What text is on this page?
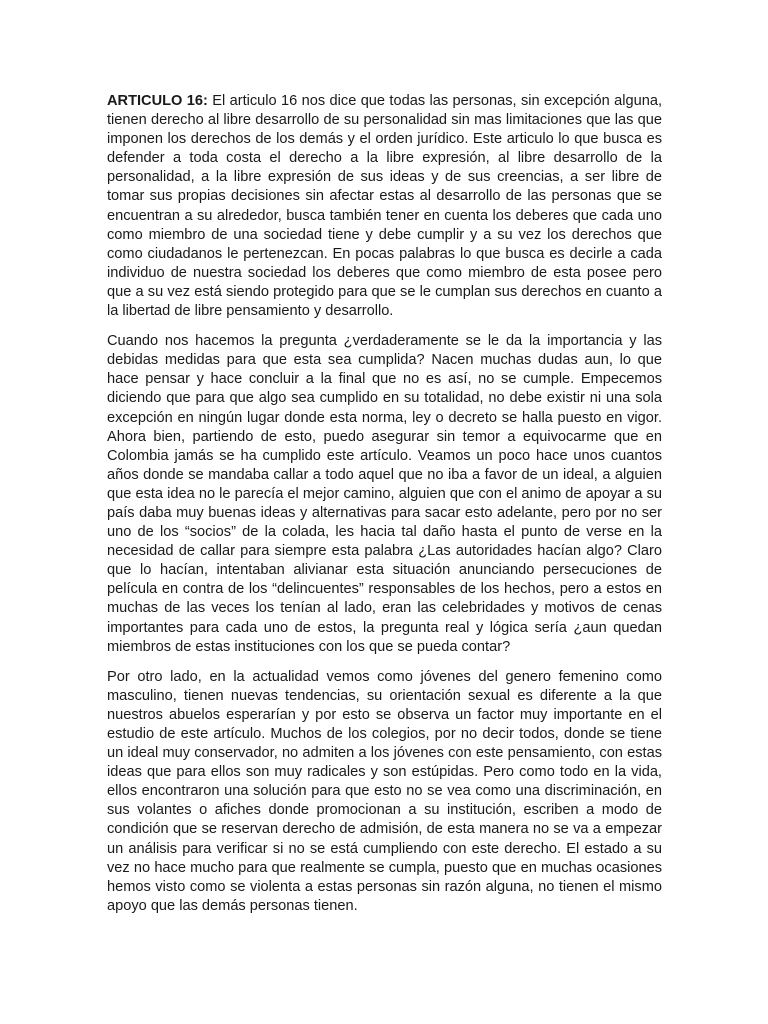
ARTICULO 16: El articulo 16 nos dice que todas las personas, sin excepción alguna, tienen derecho al libre desarrollo de su personalidad sin mas limitaciones que las que imponen los derechos de los demás y el orden jurídico. Este articulo lo que busca es defender a toda costa el derecho a la libre expresión, al libre desarrollo de la personalidad, a la libre expresión de sus ideas y de sus creencias, a ser libre de tomar sus propias decisiones sin afectar estas al desarrollo de las personas que se encuentran a su alrededor, busca también tener en cuenta los deberes que cada uno como miembro de una sociedad tiene y debe cumplir y a su vez los derechos que como ciudadanos le pertenezcan. En pocas palabras lo que busca es decirle a cada individuo de nuestra sociedad los deberes que como miembro de esta posee pero que a su vez está siendo protegido para que se le cumplan sus derechos en cuanto a la libertad de libre pensamiento y desarrollo.

Cuando nos hacemos la pregunta ¿verdaderamente se le da la importancia y las debidas medidas para que esta sea cumplida? Nacen muchas dudas aun, lo que hace pensar y hace concluir a la final que no es así, no se cumple. Empecemos diciendo que para que algo sea cumplido en su totalidad, no debe existir ni una sola excepción en ningún lugar donde esta norma, ley o decreto se halla puesto en vigor. Ahora bien, partiendo de esto, puedo asegurar sin temor a equivocarme que en Colombia jamás se ha cumplido este artículo. Veamos un poco hace unos cuantos años donde se mandaba callar a todo aquel que no iba a favor de un ideal, a alguien que esta idea no le parecía el mejor camino, alguien que con el animo de apoyar a su país daba muy buenas ideas y alternativas para sacar esto adelante, pero por no ser uno de los “socios” de la colada, les hacia tal daño hasta el punto de verse en la necesidad de callar para siempre esta palabra ¿Las autoridades hacían algo? Claro que lo hacían, intentaban alivianar esta situación anunciando persecuciones de película en contra de los “delincuentes” responsables de los hechos, pero a estos en muchas de las veces los tenían al lado, eran las celebridades y motivos de cenas importantes para cada uno de estos, la pregunta real y lógica sería ¿aun quedan miembros de estas instituciones con los que se pueda contar?

Por otro lado, en la actualidad vemos como jóvenes del genero femenino como masculino, tienen nuevas tendencias, su orientación sexual es diferente a la que nuestros abuelos esperarían y por esto se observa un factor muy importante en el estudio de este artículo. Muchos de los colegios, por no decir todos, donde se tiene un ideal muy conservador, no admiten a los jóvenes con este pensamiento, con estas ideas que para ellos son muy radicales y son estúpidas. Pero como todo en la vida, ellos encontraron una solución para que esto no se vea como una discriminación, en sus volantes o afiches donde promocionan a su institución, escriben a modo de condición que se reservan derecho de admisión, de esta manera no se va a empezar un análisis para verificar si no se está cumpliendo con este derecho. El estado a su vez no hace mucho para que realmente se cumpla, puesto que en muchas ocasiones hemos visto como se violenta a estas personas sin razón alguna, no tienen el mismo apoyo que las demás personas tienen.
